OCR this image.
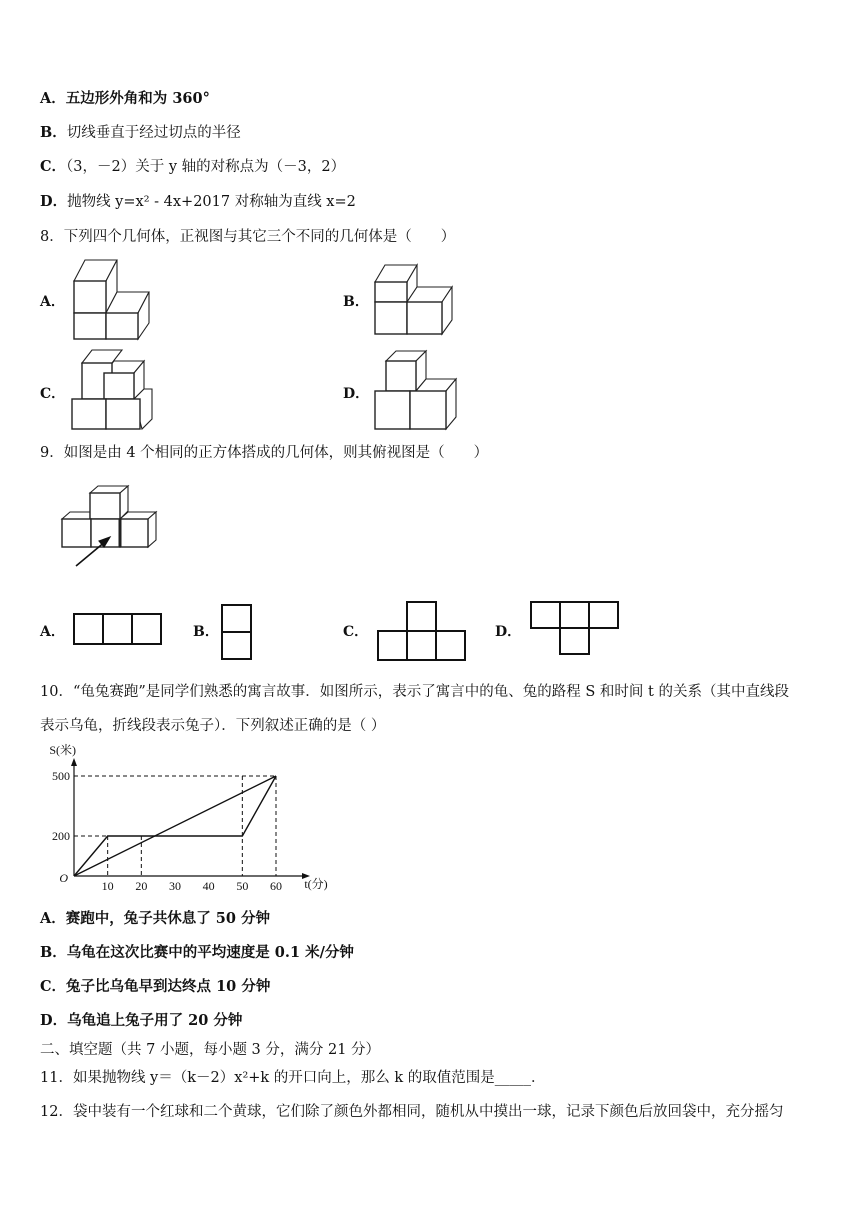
A．五边形外角和为 360°
B．切线垂直于经过切点的半径
C．（3，－2）关于 y 轴的对称点为（－3，2）
D．抛物线 y=x² - 4x+2017 对称轴为直线 x=2
8．下列四个几何体，正视图与其它三个不同的几何体是（　　）
A．	B．
C．	D．
9．如图是由 4 个相同的正方体搭成的几何体，则其俯视图是（　　）
A．	B．	C．	D．
10．“龟兔赛跑”是同学们熟悉的寓言故事．如图所示，表示了寓言中的龟、兔的路程 S 和时间 t 的关系（其中直线段
表示乌龟，折线段表示兔子）．下列叙述正确的是（ ）
10 20 30 40 50 60
200
500
O
S(米)
t(分)
A．赛跑中，兔子共休息了 50 分钟
B．乌龟在这次比赛中的平均速度是 0.1 米/分钟
C．兔子比乌龟早到达终点 10 分钟
D．乌龟追上兔子用了 20 分钟
二、填空题（共 7 小题，每小题 3 分，满分 21 分）
11．如果抛物线 y＝（k－2）x²+k 的开口向上，那么 k 的取值范围是_____．
12．袋中装有一个红球和二个黄球，它们除了颜色外都相同，随机从中摸出一球，记录下颜色后放回袋中，充分摇匀
